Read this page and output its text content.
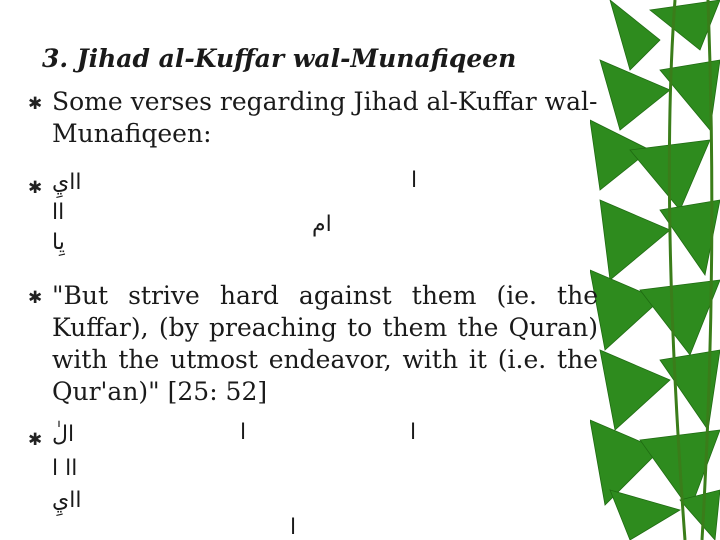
3. Jihad al-Kuffar wal-Munafiqeen
✱ Some verses regarding Jihad al-Kuffar wal-Munafiqeen:
✱	ا
اايِ
ام
اا
يِا
✱ "But strive hard against them (ie. the Kuffar), (by preaching to them the Quran) with the utmost endeavor, with it (i.e. the Qur'an)" [25: 52]
✱	ا
ا
الٰ
اا ا
اايِ
ا
